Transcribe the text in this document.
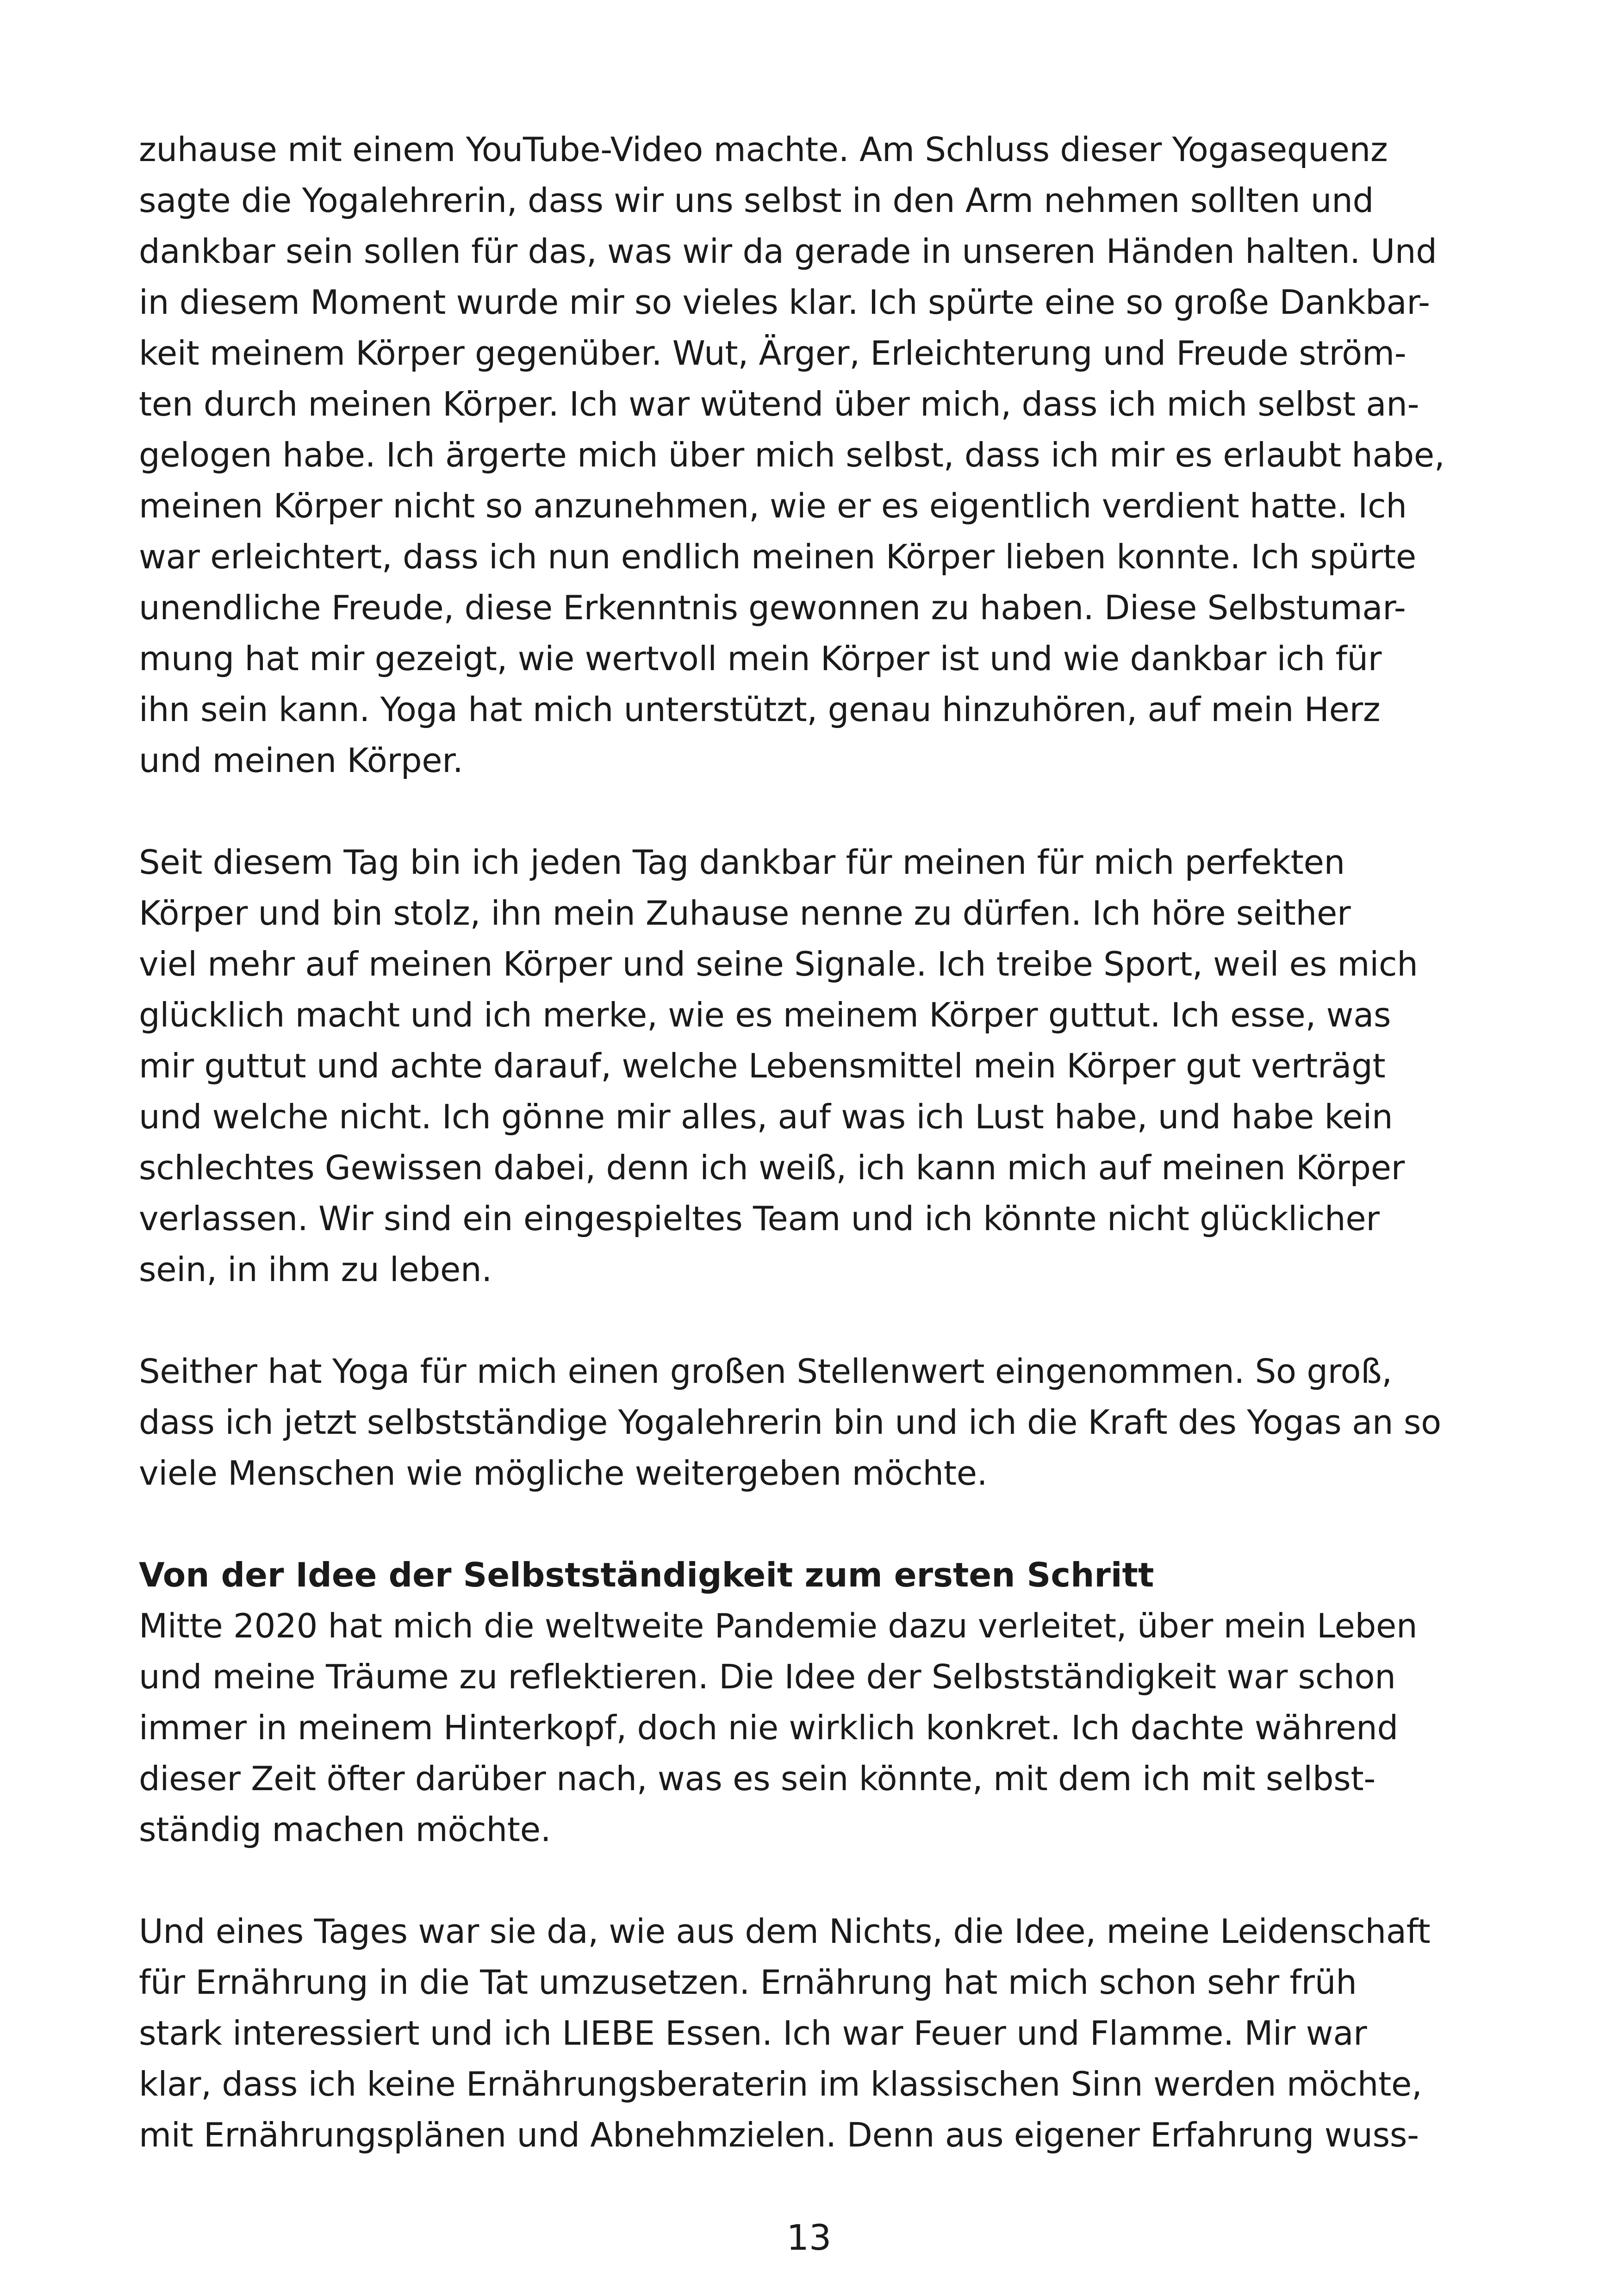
zuhause mit einem YouTube-Video machte. Am Schluss dieser Yogasequenz
sagte die Yogalehrerin, dass wir uns selbst in den Arm nehmen sollten und
dankbar sein sollen für das, was wir da gerade in unseren Händen halten. Und
in diesem Moment wurde mir so vieles klar. Ich spürte eine so große Dankbar-
keit meinem Körper gegenüber. Wut, Ärger, Erleichterung und Freude ström-
ten durch meinen Körper. Ich war wütend über mich, dass ich mich selbst an-
gelogen habe. Ich ärgerte mich über mich selbst, dass ich mir es erlaubt habe,
meinen Körper nicht so anzunehmen, wie er es eigentlich verdient hatte. Ich
war erleichtert, dass ich nun endlich meinen Körper lieben konnte. Ich spürte
unendliche Freude, diese Erkenntnis gewonnen zu haben. Diese Selbstumar-
mung hat mir gezeigt, wie wertvoll mein Körper ist und wie dankbar ich für
ihn sein kann. Yoga hat mich unterstützt, genau hinzuhören, auf mein Herz
und meinen Körper.

Seit diesem Tag bin ich jeden Tag dankbar für meinen für mich perfekten
Körper und bin stolz, ihn mein Zuhause nenne zu dürfen. Ich höre seither
viel mehr auf meinen Körper und seine Signale. Ich treibe Sport, weil es mich
glücklich macht und ich merke, wie es meinem Körper guttut. Ich esse, was
mir guttut und achte darauf, welche Lebensmittel mein Körper gut verträgt
und welche nicht. Ich gönne mir alles, auf was ich Lust habe, und habe kein
schlechtes Gewissen dabei, denn ich weiß, ich kann mich auf meinen Körper
verlassen. Wir sind ein eingespieltes Team und ich könnte nicht glücklicher
sein, in ihm zu leben.

Seither hat Yoga für mich einen großen Stellenwert eingenommen. So groß,
dass ich jetzt selbstständige Yogalehrerin bin und ich die Kraft des Yogas an so
viele Menschen wie mögliche weitergeben möchte.

Von der Idee der Selbstständigkeit zum ersten Schritt

Mitte 2020 hat mich die weltweite Pandemie dazu verleitet, über mein Leben
und meine Träume zu reflektieren. Die Idee der Selbstständigkeit war schon
immer in meinem Hinterkopf, doch nie wirklich konkret. Ich dachte während
dieser Zeit öfter darüber nach, was es sein könnte, mit dem ich mit selbst-
ständig machen möchte.

Und eines Tages war sie da, wie aus dem Nichts, die Idee, meine Leidenschaft
für Ernährung in die Tat umzusetzen. Ernährung hat mich schon sehr früh
stark interessiert und ich LIEBE Essen. Ich war Feuer und Flamme. Mir war
klar, dass ich keine Ernährungsberaterin im klassischen Sinn werden möchte,
mit Ernährungsplänen und Abnehmzielen. Denn aus eigener Erfahrung wuss-

13
